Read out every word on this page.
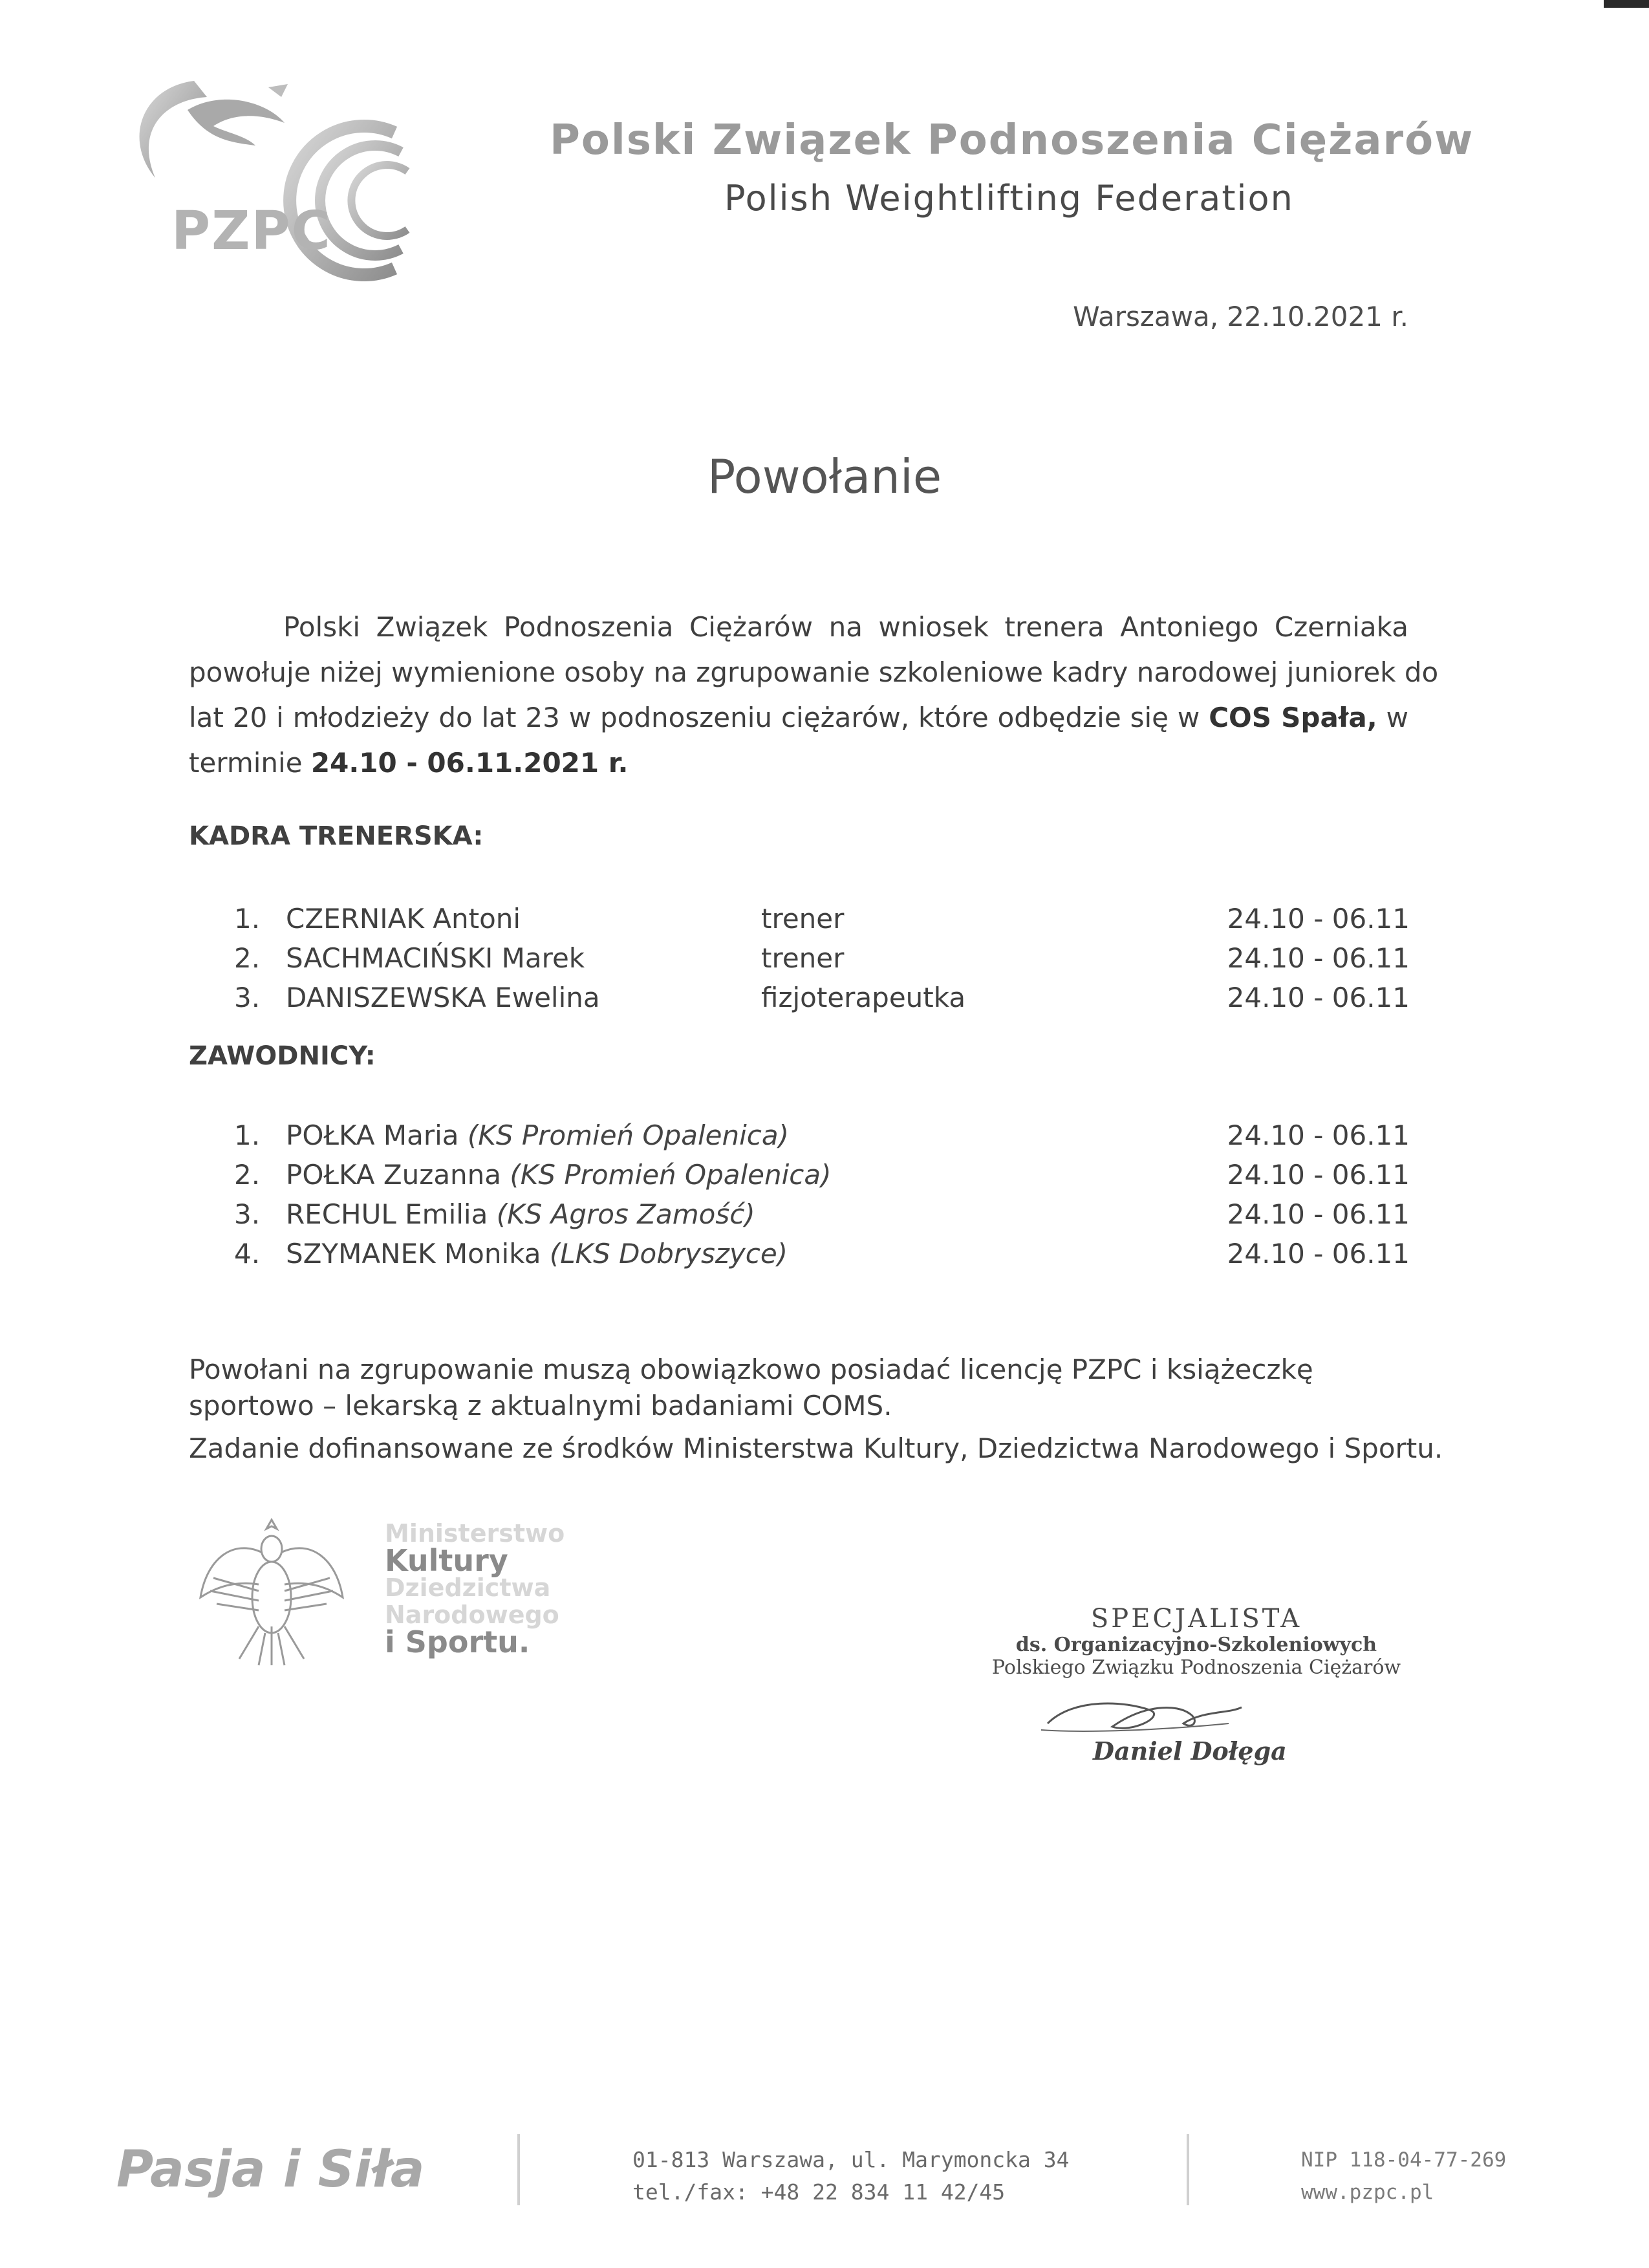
PZPC
Polski Związek Podnoszenia Ciężarów
Polish Weightlifting Federation
Warszawa, 22.10.2021 r.
Powołanie
Polski Związek Podnoszenia Ciężarów na wniosek trenera Antoniego Czerniaka
powołuje niżej wymienione osoby na zgrupowanie szkoleniowe kadry narodowej juniorek do
lat 20 i młodzieży do lat 23 w podnoszeniu ciężarów, które odbędzie się w COS Spała, w
terminie 24.10 - 06.11.2021 r.
KADRA TRENERSKA:
1. CZERNIAK Antoni	trener	24.10 - 06.11
2. SACHMACIŃSKI Marek	trener	24.10 - 06.11
3. DANISZEWSKA Ewelina	fizjoterapeutka	24.10 - 06.11
ZAWODNICY:
1. POŁKA Maria (KS Promień Opalenica)	24.10 - 06.11
2. POŁKA Zuzanna (KS Promień Opalenica)	24.10 - 06.11
3. RECHUL Emilia (KS Agros Zamość)	24.10 - 06.11
4. SZYMANEK Monika (LKS Dobryszyce)	24.10 - 06.11
Powołani na zgrupowanie muszą obowiązkowo posiadać licencję PZPC i książeczkę
sportowo – lekarską z aktualnymi badaniami COMS.
Zadanie dofinansowane ze środków Ministerstwa Kultury, Dziedzictwa Narodowego i Sportu.
Ministerstwo
Kultury
Dziedzictwa
Narodowego
i Sportu.
SPECJALISTA
ds. Organizacyjno-Szkoleniowych
Polskiego Związku Podnoszenia Ciężarów
Daniel Dołęga
Pasja i Siła	01-813 Warszawa, ul. Marymoncka 34
tel./fax: +48 22 834 11 42/45
NIP 118-04-77-269
www.pzpc.pl
